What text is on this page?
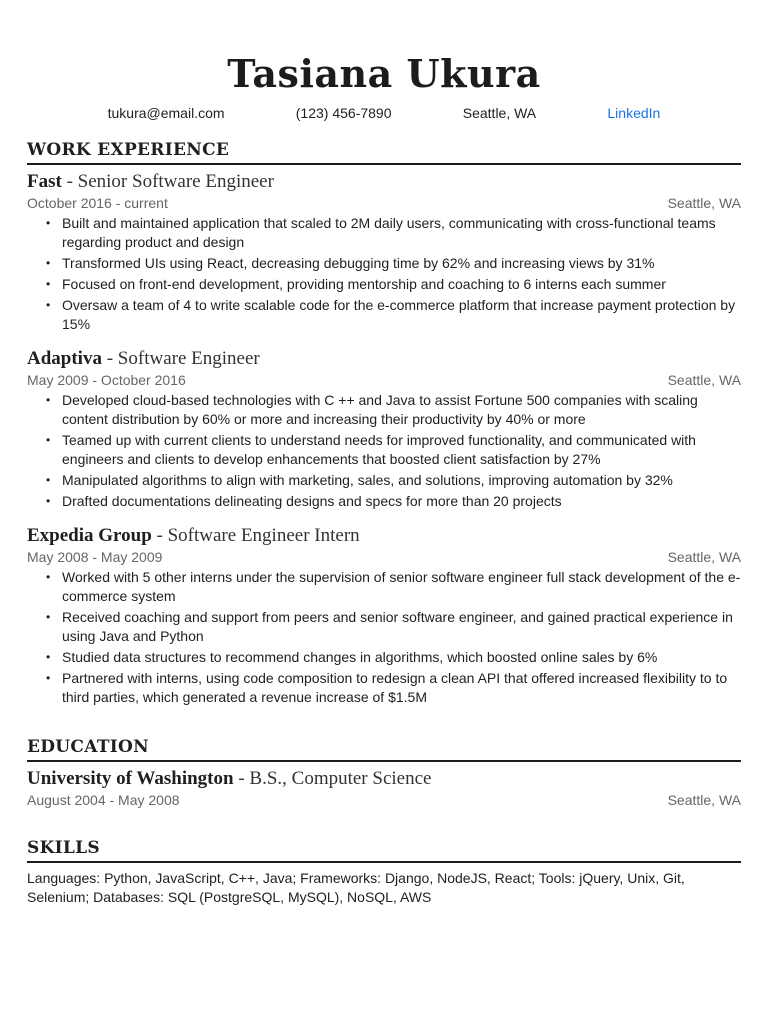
Tasiana Ukura
tukura@email.com	(123) 456-7890	Seattle, WA	LinkedIn
WORK EXPERIENCE
Fast - Senior Software Engineer
October 2016 - current	Seattle, WA
• Built and maintained application that scaled to 2M daily users, communicating with cross-functional teams regarding product and design
• Transformed UIs using React, decreasing debugging time by 62% and increasing views by 31%
• Focused on front-end development, providing mentorship and coaching to 6 interns each summer
• Oversaw a team of 4 to write scalable code for the e-commerce platform that increase payment protection by 15%
Adaptiva - Software Engineer
May 2009 - October 2016	Seattle, WA
• Developed cloud-based technologies with C ++ and Java to assist Fortune 500 companies with scaling content distribution by 60% or more and increasing their productivity by 40% or more
• Teamed up with current clients to understand needs for improved functionality, and communicated with engineers and clients to develop enhancements that boosted client satisfaction by 27%
• Manipulated algorithms to align with marketing, sales, and solutions, improving automation by 32%
• Drafted documentations delineating designs and specs for more than 20 projects
Expedia Group - Software Engineer Intern
May 2008 - May 2009	Seattle, WA
• Worked with 5 other interns under the supervision of senior software engineer full stack development of the e-commerce system
• Received coaching and support from peers and senior software engineer, and gained practical experience in using Java and Python
• Studied data structures to recommend changes in algorithms, which boosted online sales by 6%
• Partnered with interns, using code composition to redesign a clean API that offered increased flexibility to to third parties, which generated a revenue increase of $1.5M
EDUCATION
University of Washington - B.S., Computer Science
August 2004 - May 2008	Seattle, WA
SKILLS

Languages: Python, JavaScript, C++, Java; Frameworks: Django, NodeJS, React; Tools: jQuery, Unix, Git, Selenium; Databases: SQL (PostgreSQL, MySQL), NoSQL, AWS
